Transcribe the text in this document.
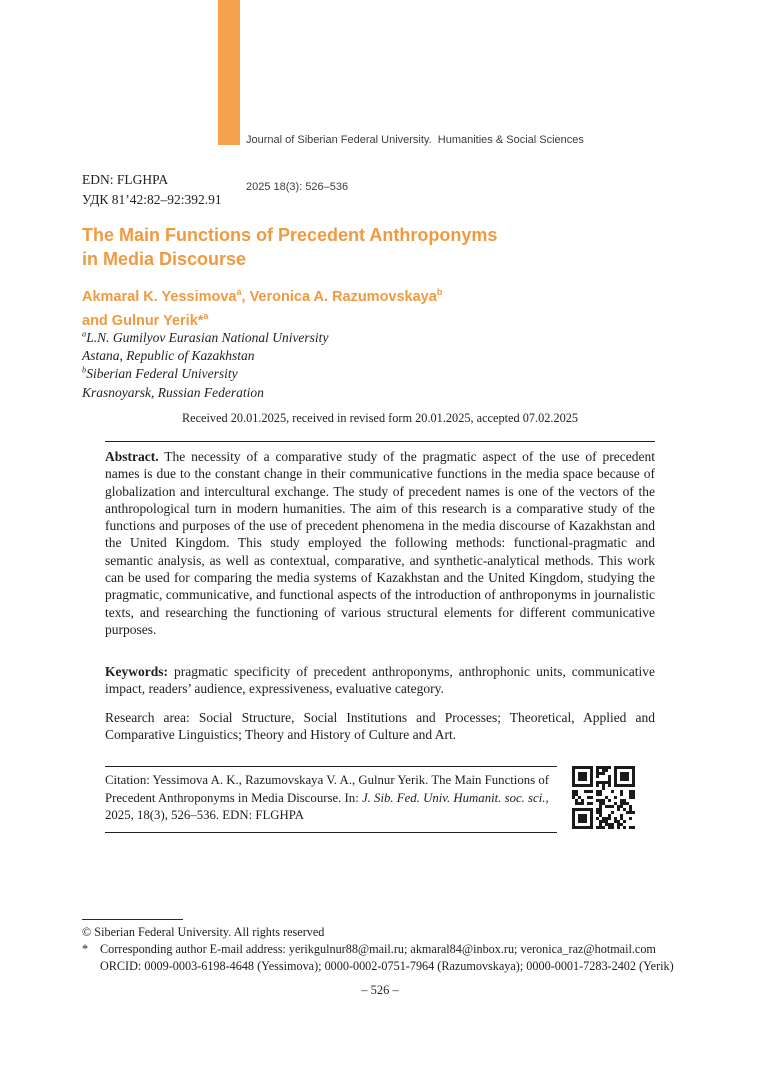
Journal of Siberian Federal University.  Humanities & Social Sciences

2025 18(3): 526–536

EDN: FLGHPA
УДК 81’42:82–92:392.91
The Main Functions of Precedent Anthroponyms
in Media Discourse
Akmaral K. Yessimova$^a$, Veronica A. Razumovskaya$^b$
and Gulnur Yerik*$^a$
$^a$L.N. Gumilyov Eurasian National University
Astana, Republic of Kazakhstan
$^b$Siberian Federal University
Krasnoyarsk, Russian Federation
Received 20.01.2025, received in revised form 20.01.2025, accepted 07.02.2025
Abstract. The necessity of a comparative study of the pragmatic aspect of the use of precedent names is due to the constant change in their communicative functions in the media space because of globalization and intercultural exchange. The study of precedent names is one of the vectors of the anthropological turn in modern humanities. The aim of this research is a comparative study of the functions and purposes of the use of precedent phenomena in the media discourse of Kazakhstan and the United Kingdom. This study employed the following methods: functional-pragmatic and semantic analysis, as well as contextual, comparative, and synthetic-analytical methods. This work can be used for comparing the media systems of Kazakhstan and the United Kingdom, studying the pragmatic, communicative, and functional aspects of the introduction of anthroponyms in journalistic texts, and researching the functioning of various structural elements for different communicative purposes.
Keywords: pragmatic specificity of precedent anthroponyms, anthrophonic units, communicative impact, readers’ audience, expressiveness, evaluative category.
Research area: Social Structure, Social Institutions and Processes; Theoretical, Applied and Comparative Linguistics; Theory and History of Culture and Art.
Citation: Yessimova A. K., Razumovskaya V. A., Gulnur Yerik. The Main Functions of Precedent Anthroponyms in Media Discourse. In: J. Sib. Fed. Univ. Humanit. soc. sci., 2025, 18(3), 526–536. EDN: FLGHPA
© Siberian Federal University. All rights reserved
* Corresponding author E-mail address: yerikgulnur88@mail.ru; akmaral84@inbox.ru; veronica_raz@hotmail.com
ORCID: 0009-0003-6198-4648 (Yessimova); 0000-0002-0751-7964 (Razumovskaya); 0000-0001-7283-2402 (Yerik)
– 526 –
